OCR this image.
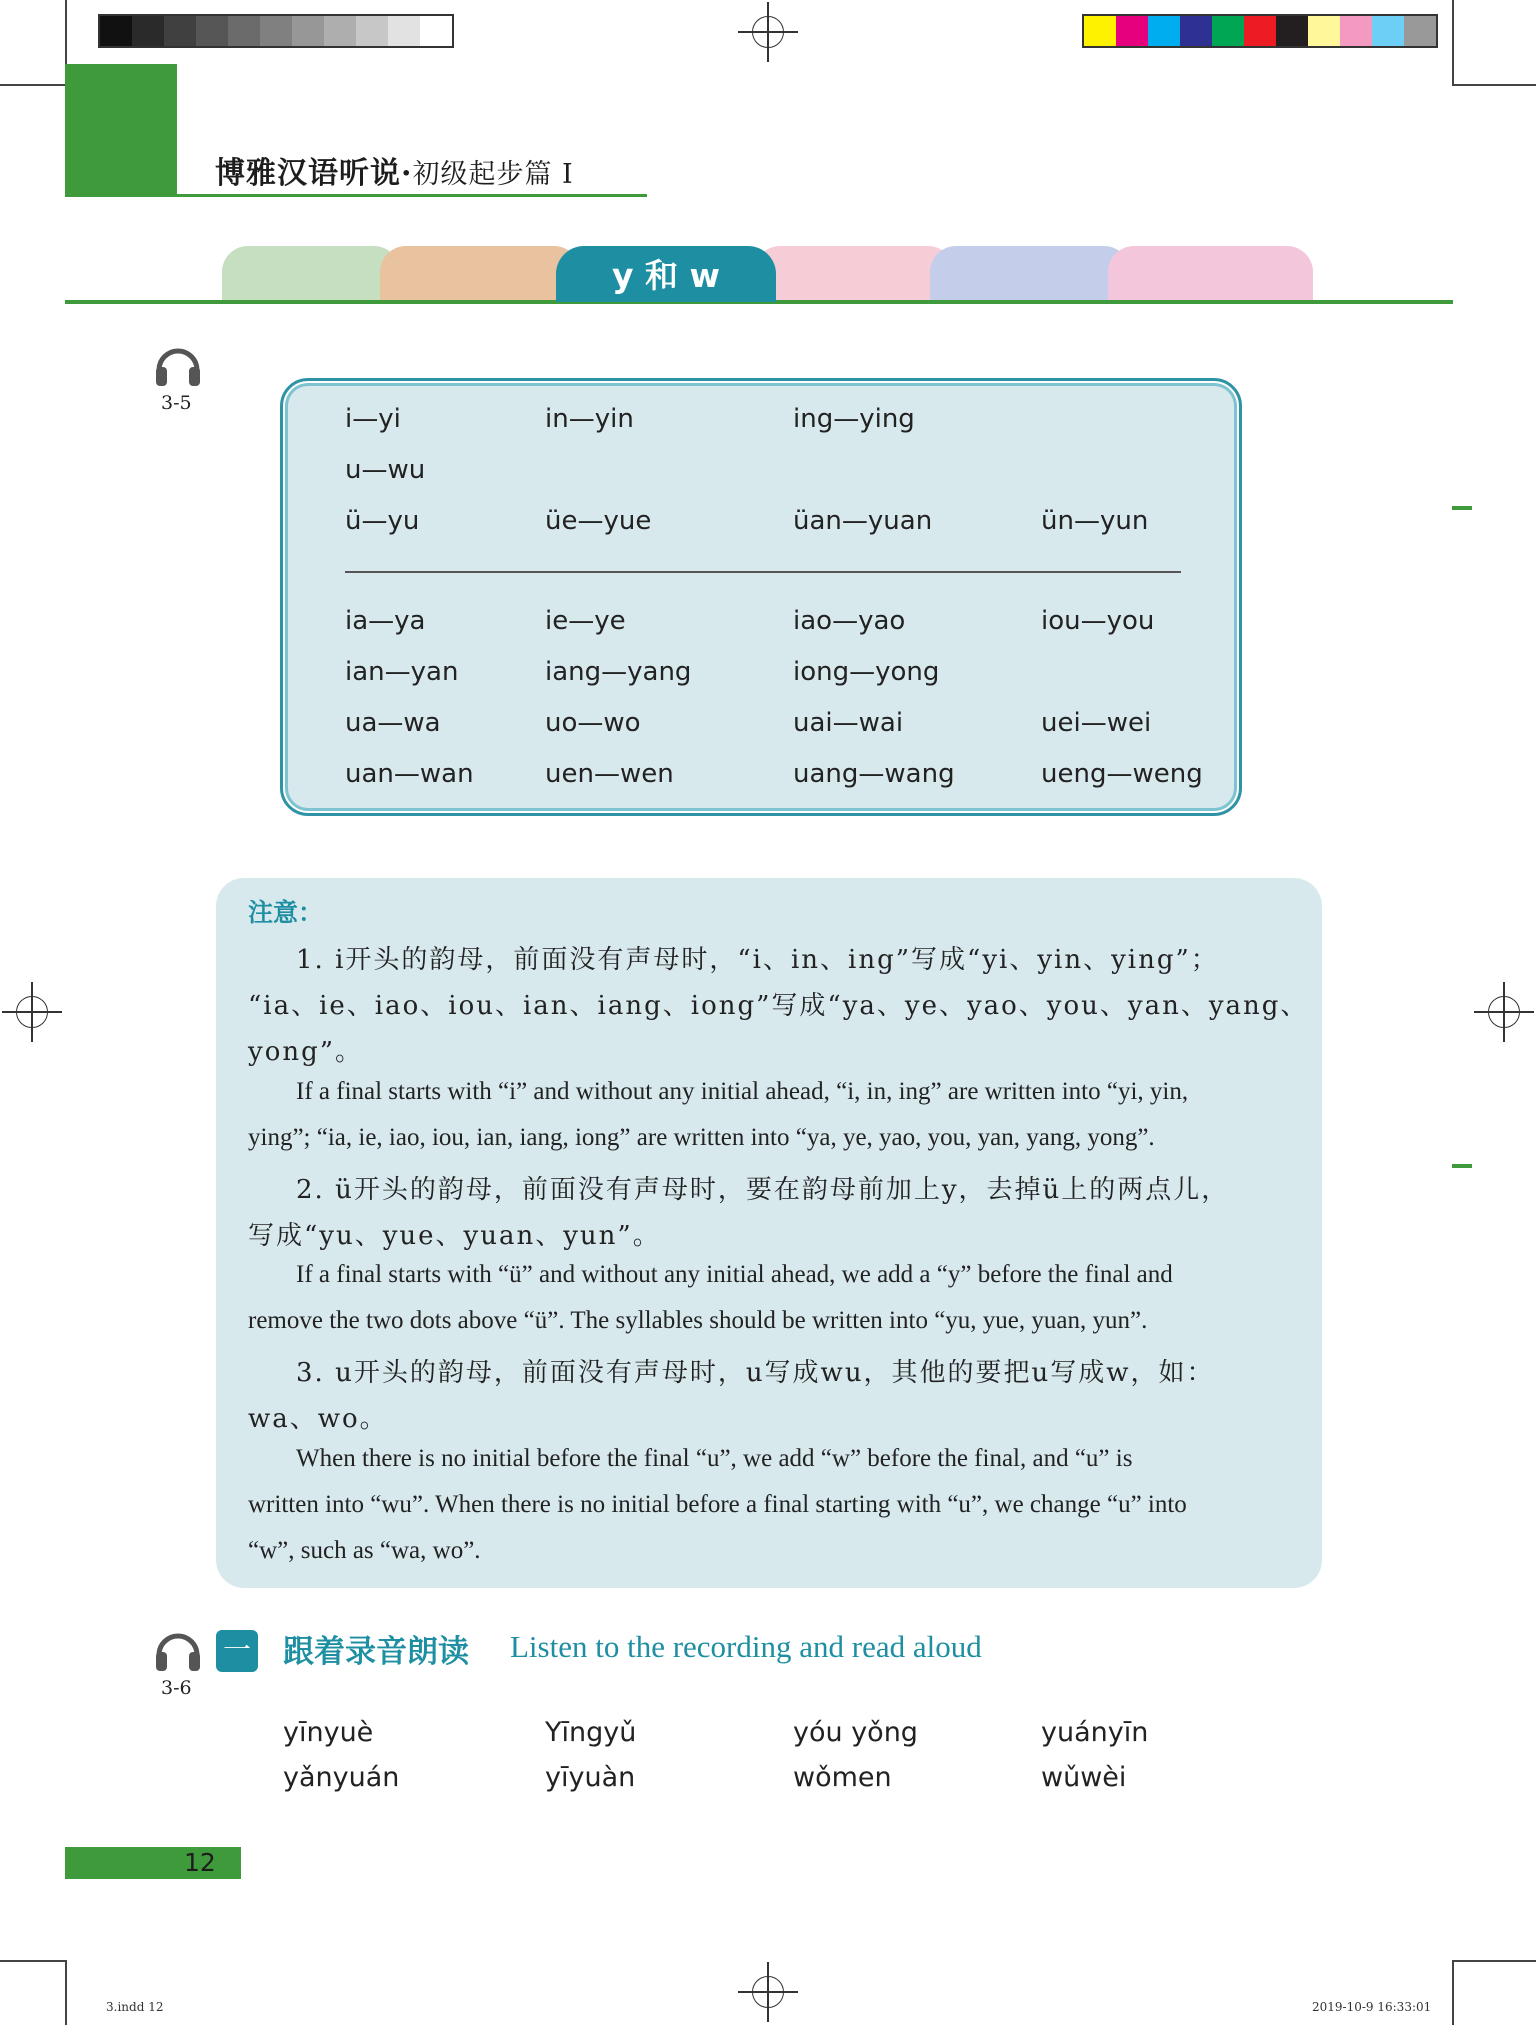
博雅汉语听说·初级起步篇 I
y 和 w
3-5
i—yi	in—yin	ing—ying
u—wu
ü—yu	üe—yue	üan—yuan	ün—yun
ia—ya	ie—ye	iao—yao	iou—you
ian—yan	iang—yang	iong—yong
ua—wa	uo—wo	uai—wai	uei—wei
uan—wan	uen—wen	uang—wang	ueng—weng
注意：
1. i开头的韵母，前面没有声母时，“i、in、ing”写成“yi、yin、ying”；
“ia、ie、iao、iou、ian、iang、iong”写成“ya、ye、yao、you、yan、yang、
yong”。
If a final starts with “i” and without any initial ahead, “i, in, ing” are written into “yi, yin,
ying”; “ia, ie, iao, iou, ian, iang, iong” are written into “ya, ye, yao, you, yan, yang, yong”.
2. ü开头的韵母，前面没有声母时，要在韵母前加上y，去掉ü上的两点儿，
写成“yu、yue、yuan、yun”。
If a final starts with “ü” and without any initial ahead, we add a “y” before the final and
remove the two dots above “ü”. The syllables should be written into “yu, yue, yuan, yun”.
3. u开头的韵母，前面没有声母时，u写成wu，其他的要把u写成w，如：
wa、wo。
When there is no initial before the final “u”, we add “w” before the final, and “u” is
written into “wu”. When there is no initial before a final starting with “u”, we change “u” into
“w”, such as “wa, wo”.
3-6
一 跟着录音朗读 Listen to the recording and read aloud
yīnyuè	Yīngyǔ	yóu yǒng	yuányīn
yǎnyuán	yīyuàn	wǒmen	wǔwèi
12
3.indd 12	2019-10-9 16:33:01
